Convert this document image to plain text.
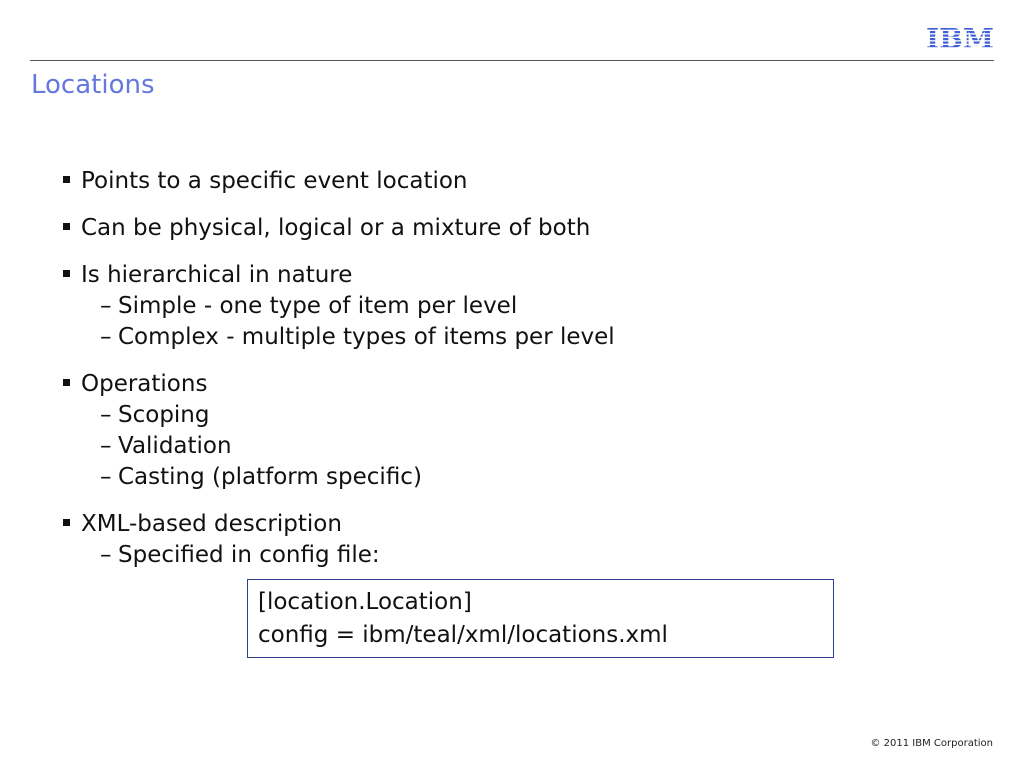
IBM
Locations
Points to a specific event location
Can be physical, logical or a mixture of both
Is hierarchical in nature
– Simple - one type of item per level
– Complex - multiple types of items per level
Operations
– Scoping
– Validation
– Casting (platform specific)
XML-based description
– Specified in config file:
[location.Location]
config = ibm/teal/xml/locations.xml
© 2011 IBM Corporation
